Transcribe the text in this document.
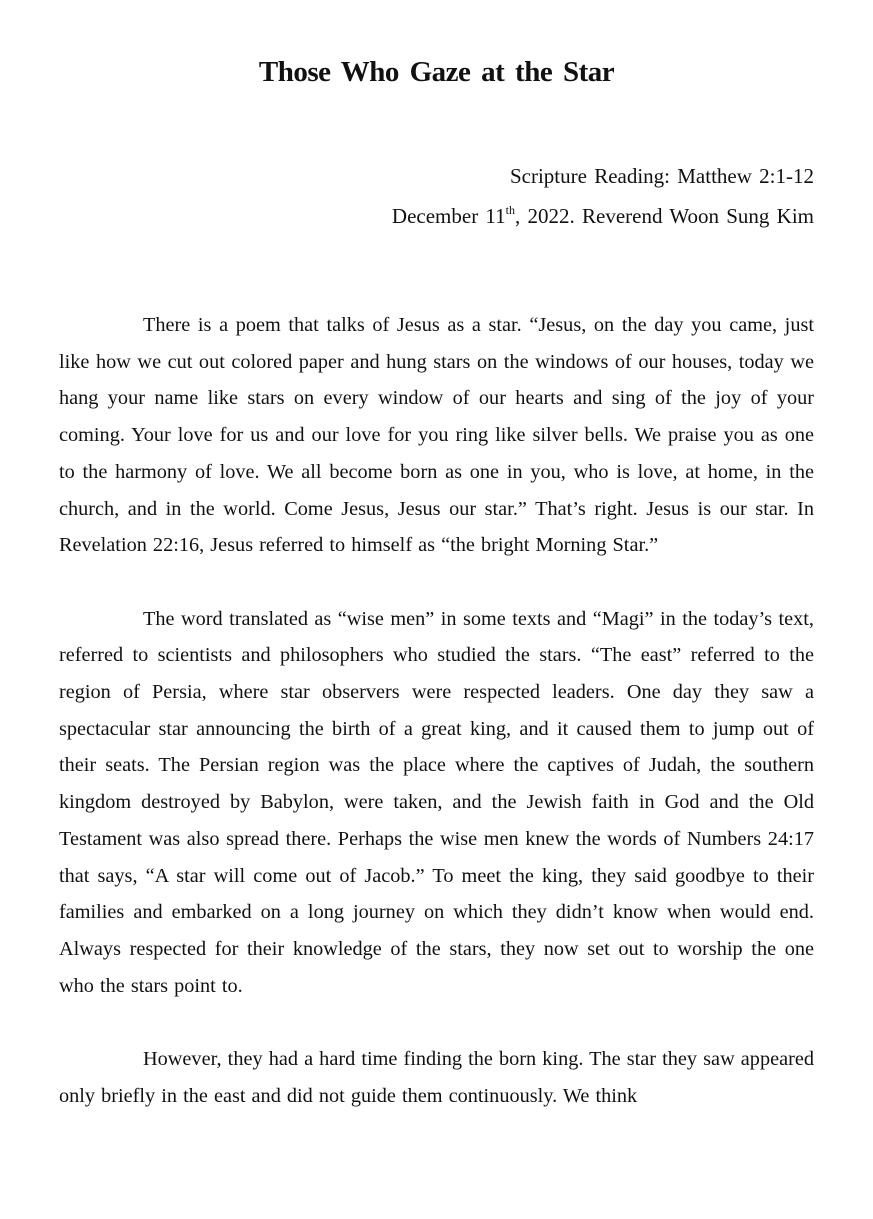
Those Who Gaze at the Star
Scripture Reading: Matthew 2:1-12
December 11th, 2022. Reverend Woon Sung Kim

There is a poem that talks of Jesus as a star. “Jesus, on the day you came, just like how we cut out colored paper and hung stars on the windows of our houses, today we hang your name like stars on every window of our hearts and sing of the joy of your coming. Your love for us and our love for you ring like silver bells. We praise you as one to the harmony of love. We all become born as one in you, who is love, at home, in the church, and in the world. Come Jesus, Jesus our star.” That’s right. Jesus is our star. In Revelation 22:16, Jesus referred to himself as “the bright Morning Star.”

The word translated as “wise men” in some texts and “Magi” in the today’s text, referred to scientists and philosophers who studied the stars. “The east” referred to the region of Persia, where star observers were respected leaders. One day they saw a spectacular star announcing the birth of a great king, and it caused them to jump out of their seats. The Persian region was the place where the captives of Judah, the southern kingdom destroyed by Babylon, were taken, and the Jewish faith in God and the Old Testament was also spread there. Perhaps the wise men knew the words of Numbers 24:17 that says, “A star will come out of Jacob.” To meet the king, they said goodbye to their families and embarked on a long journey on which they didn’t know when would end. Always respected for their knowledge of the stars, they now set out to worship the one who the stars point to.

However, they had a hard time finding the born king. The star they saw appeared only briefly in the east and did not guide them continuously. We think
